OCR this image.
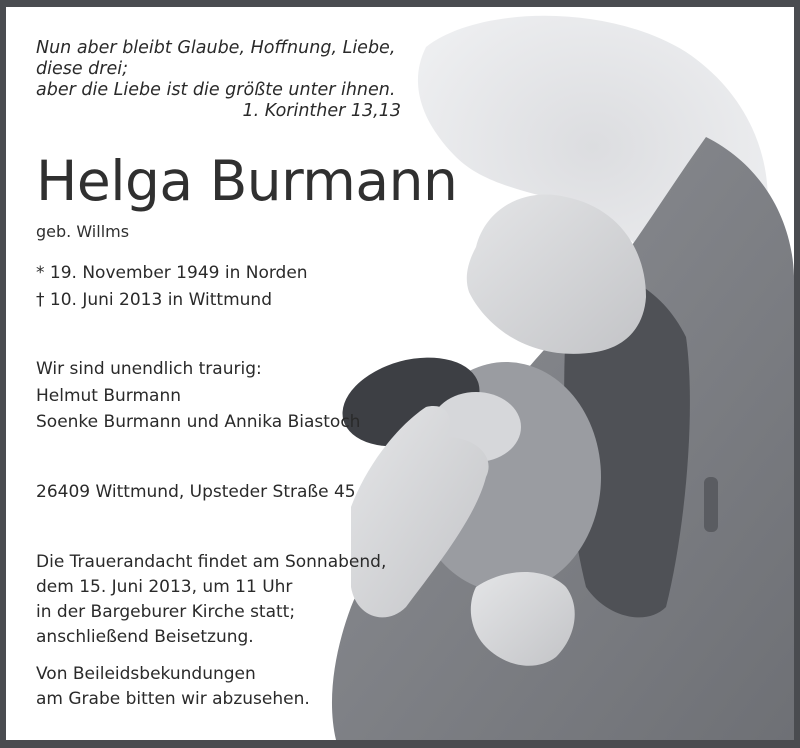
Nun aber bleibt Glaube, Hoffnung, Liebe,
diese drei;
aber die Liebe ist die größte unter ihnen.
1. Korinther 13,13
Helga Burmann
geb. Willms
* 19. November 1949 in Norden
† 10. Juni 2013 in Wittmund
Wir sind unendlich traurig:
Helmut Burmann
Soenke Burmann und Annika Biastoch
26409 Wittmund, Upsteder Straße 45
Die Trauerandacht findet am Sonnabend,
dem 15. Juni 2013, um 11 Uhr
in der Bargeburer Kirche statt;
anschließend Beisetzung.
Von Beileidsbekundungen
am Grabe bitten wir abzusehen.
